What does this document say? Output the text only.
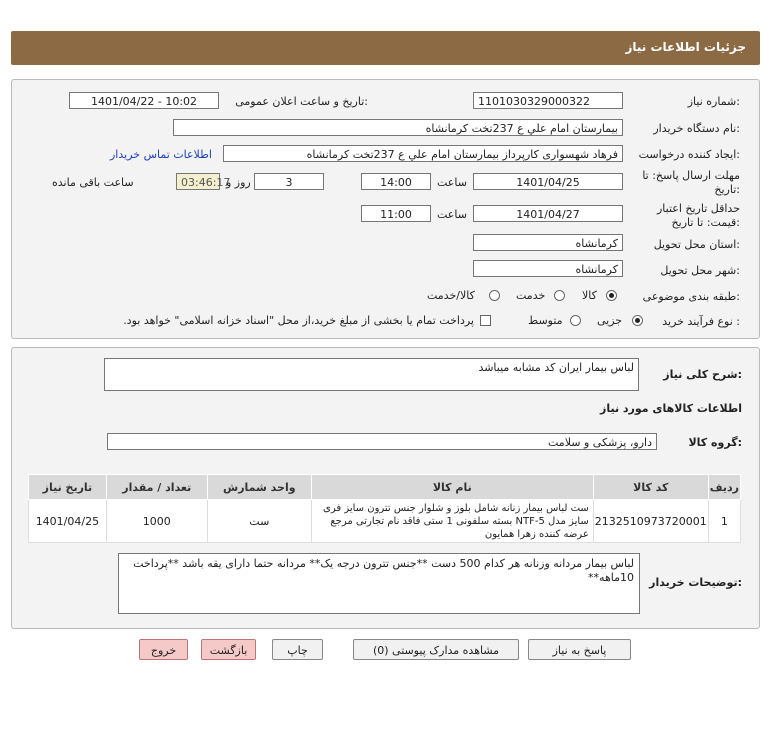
جزئیات اطلاعات نیاز
شماره نیاز:
1101030329000322
تاریخ و ساعت اعلان عمومی:
1401/04/22 - 10:02
نام دستگاه خریدار:
بیمارستان امام علي ع 237تخت كرمانشاه
ایجاد کننده درخواست:
فرهاد شهسواری كارپرداز بیمارستان امام علي ع 237تخت كرمانشاه
اطلاعات تماس خریدار
مهلت ارسال پاسخ: تا
تاریخ:
1401/04/25
ساعت
14:00
3
روز و
03:46:17
ساعت باقی مانده
حداقل تاریخ اعتبار
قیمت: تا تاریخ:
1401/04/27
ساعت
11:00
استان محل تحویل:
کرمانشاه
شهر محل تحویل:
کرمانشاه
طبقه بندی موضوعی:
کالا
خدمت
کالا/خدمت
نوع فرآیند خرید :
جزیی
متوسط
پرداخت تمام یا بخشی از مبلغ خرید،از محل "اسناد خزانه اسلامی" خواهد بود.
شرح کلی نیاز:
لباس بیمار ایران کد مشابه میباشد
اطلاعات کالاهای مورد نیاز
گروه کالا:
دارو، پزشکی و سلامت
ردیف	کد کالا	نام کالا	واحد شمارش	تعداد / مقدار	تاریخ نیاز
1	2132510973720001	ست لباس بیمار زنانه شامل بلوز و شلوار جنس تترون سایز فری سایز مدل NTF-5 بسته سلفونی 1 ستی فاقد نام تجارتی مرجع عرضه کننده زهرا همایون	ست	1000	1401/04/25
توضیحات خریدار:
لباس بیمار مردانه وزنانه هر کدام 500 دست **جنس تترون درجه یک** مردانه حتما دارای یقه باشد **پرداخت 10ماهه**
پاسخ به نیاز
مشاهده مدارک پیوستی (0)
چاپ
بازگشت
خروج
